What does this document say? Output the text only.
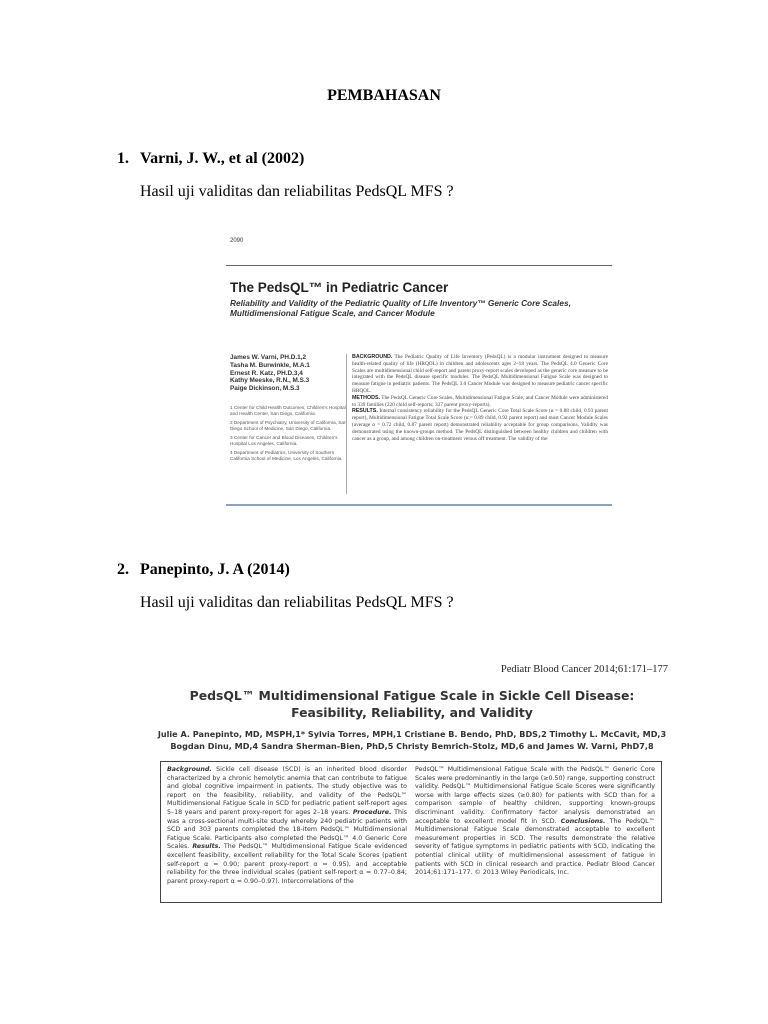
PEMBAHASAN
1. Varni, J. W., et al (2002)
Hasil uji validitas dan reliabilitas PedsQL MFS ?
2090
The PedsQL™ in Pediatric Cancer
Reliability and Validity of the Pediatric Quality of Life Inventory™ Generic Core Scales, Multidimensional Fatigue Scale, and Cancer Module
James W. Varni, PH.D.1,2
Tasha M. Burwinkle, M.A.1
Ernest R. Katz, PH.D.3,4
Kathy Meeske, R.N., M.S.3
Paige Dickinson, M.S.3

1 Center for Child Health Outcomes, Children's Hospital and Health Center, San Diego, California.

2 Department of Psychiatry, University of California, San Diego School of Medicine, San Diego, California.

3 Center for Cancer and Blood Diseases, Children's Hospital Los Angeles, California.

4 Department of Pediatrics, University of Southern California School of Medicine, Los Angeles, California.

BACKGROUND. The Pediatric Quality of Life Inventory (PedsQL) is a modular instrument designed to measure health-related quality of life (HRQOL) in children and adolescents ages 2–18 years. The PedsQL 4.0 Generic Core Scales are multidimensional child self-report and parent proxy-report scales developed as the generic core measure to be integrated with the PedsQL disease specific modules. The PedsQL Multidimensional Fatigue Scale was designed to measure fatigue in pediatric patients. The PedsQL 3.0 Cancer Module was designed to measure pediatric cancer specific HRQOL.
METHODS. The PedsQL Generic Core Scales, Multidimensional Fatigue Scale, and Cancer Module were administered to 339 families (220 child self-reports; 337 parent proxy-reports).
RESULTS. Internal consistency reliability for the PedsQL Generic Core Total Scale Score (α = 0.88 child, 0.93 parent report), Multidimensional Fatigue Total Scale Score (α = 0.89 child, 0.92 parent report) and most Cancer Module Scales (average α = 0.72 child, 0.87 parent report) demonstrated reliability acceptable for group comparisons. Validity was demonstrated using the known-groups method. The PedsQL distinguished between healthy children and children with cancer as a group, and among children on-treatment versus off treatment. The validity of the
2. Panepinto, J. A (2014)
Hasil uji validitas dan reliabilitas PedsQL MFS ?
Pediatr Blood Cancer 2014;61:171–177
PedsQL™ Multidimensional Fatigue Scale in Sickle Cell Disease:
Feasibility, Reliability, and Validity
Julie A. Panepinto, MD, MSPH,1* Sylvia Torres, MPH,1 Cristiane B. Bendo, PhD, BDS,2 Timothy L. McCavit, MD,3
Bogdan Dinu, MD,4 Sandra Sherman-Bien, PhD,5 Christy Bemrich-Stolz, MD,6 and James W. Varni, PhD7,8
Background. Sickle cell disease (SCD) is an inherited blood disorder characterized by a chronic hemolytic anemia that can contribute to fatigue and global cognitive impairment in patients. The study objective was to report on the feasibility, reliability, and validity of the PedsQL™ Multidimensional Fatigue Scale in SCD for pediatric patient self-report ages 5–18 years and parent proxy-report for ages 2–18 years. Procedure. This was a cross-sectional multi-site study whereby 240 pediatric patients with SCD and 303 parents completed the 18-item PedsQL™ Multidimensional Fatigue Scale. Participants also completed the PedsQL™ 4.0 Generic Core Scales. Results. The PedsQL™ Multidimensional Fatigue Scale evidenced excellent feasibility, excellent reliability for the Total Scale Scores (patient self-report α = 0.90; parent proxy-report α = 0.95), and acceptable reliability for the three individual scales (patient self-report α = 0.77–0.84; parent proxy-report α = 0.90–0.97). Intercorrelations of the
PedsQL™ Multidimensional Fatigue Scale with the PedsQL™ Generic Core Scales were predominantly in the large (≥0.50) range, supporting construct validity. PedsQL™ Multidimensional Fatigue Scale Scores were significantly worse with large effects sizes (≥0.80) for patients with SCD than for a comparison sample of healthy children, supporting known-groups discriminant validity. Confirmatory factor analysis demonstrated an acceptable to excellent model fit in SCD. Conclusions. The PedsQL™ Multidimensional Fatigue Scale demonstrated acceptable to excellent measurement properties in SCD. The results demonstrate the relative severity of fatigue symptoms in pediatric patients with SCD, indicating the potential clinical utility of multidimensional assessment of fatigue in patients with SCD in clinical research and practice. Pediatr Blood Cancer 2014;61:171–177. © 2013 Wiley Periodicals, Inc.
